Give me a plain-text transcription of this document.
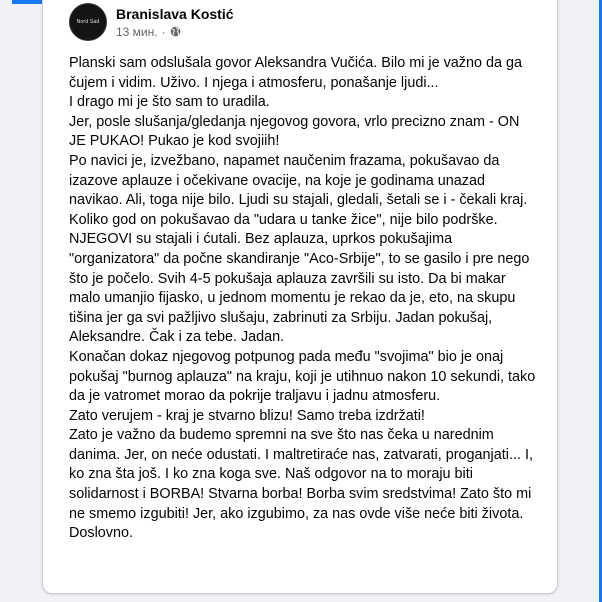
Nord Sad
Branislava Kostić
13 мин. ·

Planski sam odslušala govor Aleksandra Vučića. Bilo mi je važno da ga čujem i vidim. Uživo. I njega i atmosferu, ponašanje ljudi...

I drago mi je što sam to uradila.

Jer, posle slušanja/gledanja njegovog govora, vrlo precizno znam - ON JE PUKAO! Pukao je kod svojiih!

Po navici je, izvežbano, napamet naučenim frazama, pokušavao da izazove aplauze i očekivane ovacije, na koje je godinama unazad navikao. Ali, toga nije bilo. Ljudi su stajali, gledali, šetali se i - čekali kraj. Koliko god on pokušavao da "udara u tanke žice", nije bilo podrške. NJEGOVI su stajali i ćutali. Bez aplauza, uprkos pokušajima "organizatora" da počne skandiranje "Aco-Srbije", to se gasilo i pre nego što je počelo. Svih 4-5 pokušaja aplauza završili su isto. Da bi makar malo umanjio fijasko, u jednom momentu je rekao da je, eto, na skupu tišina jer ga svi pažljivo slušaju, zabrinuti za Srbiju. Jadan pokušaj, Aleksandre. Čak i za tebe. Jadan.

Konačan dokaz njegovog potpunog pada među "svojima" bio je onaj pokušaj "burnog aplauza" na kraju, koji je utihnuo nakon 10 sekundi, tako da je vatromet morao da pokrije traljavu i jadnu atmosferu.

Zato verujem - kraj je stvarno blizu! Samo treba izdržati!

Zato je važno da budemo spremni na sve što nas čeka u narednim danima. Jer, on neće odustati. I maltretiraće nas, zatvarati, proganjati... I, ko zna šta još. I ko zna koga sve. Naš odgovor na to moraju biti solidarnost i BORBA! Stvarna borba! Borba svim sredstvima! Zato što mi ne smemo izgubiti! Jer, ako izgubimo, za nas ovde više neće biti života.

Doslovno.
